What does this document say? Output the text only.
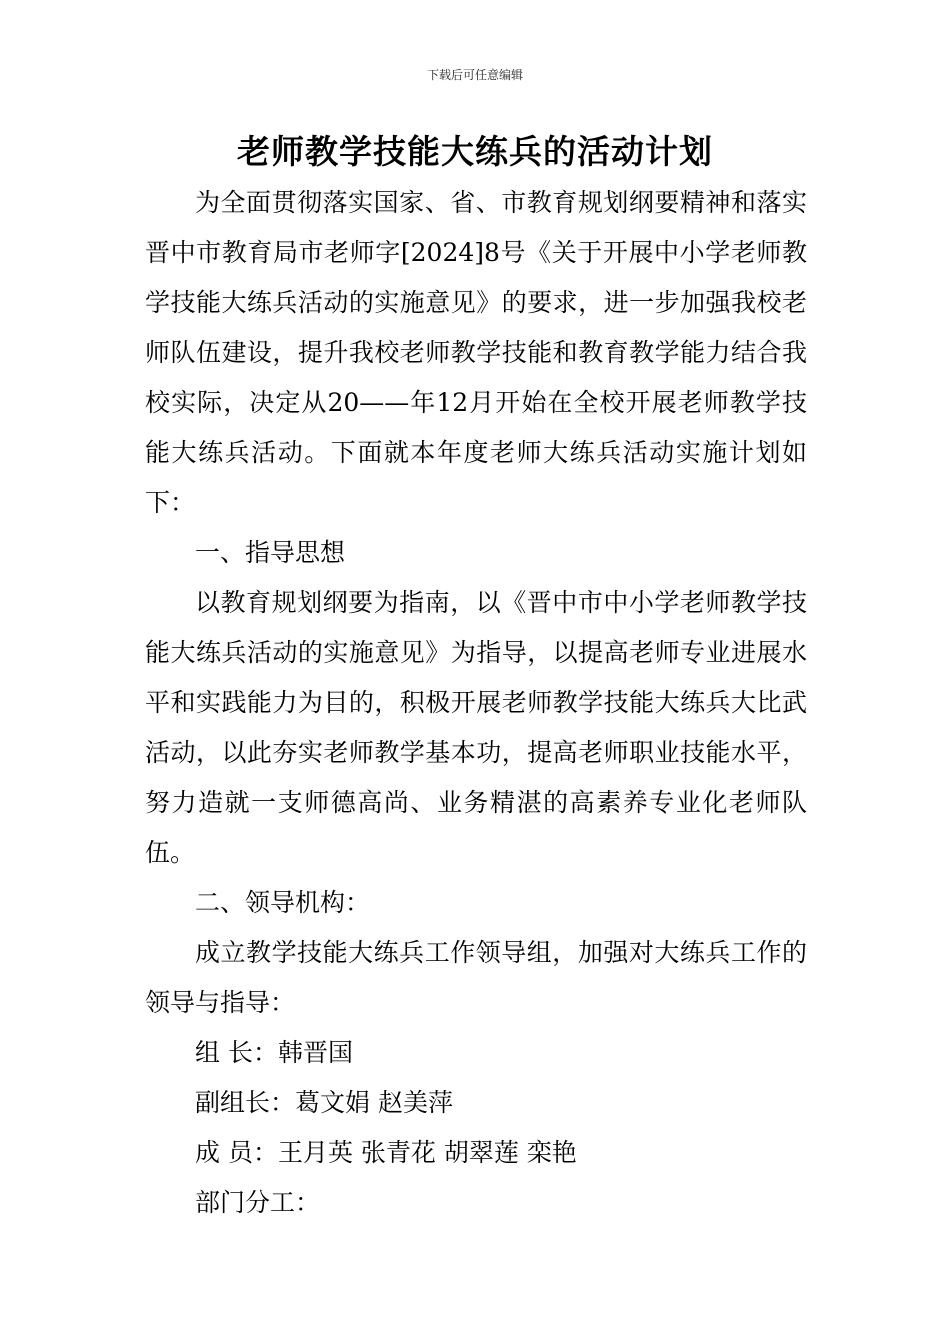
下载后可任意编辑
老师教学技能大练兵的活动计划

为全面贯彻落实国家、省、市教育规划纲要精神和落实晋中市教育局市老师字[2024]8号《关于开展中小学老师教学技能大练兵活动的实施意见》的要求，进一步加强我校老师队伍建设，提升我校老师教学技能和教育教学能力结合我校实际，决定从20——年12月开始在全校开展老师教学技能大练兵活动。下面就本年度老师大练兵活动实施计划如下：

一、指导思想

以教育规划纲要为指南，以《晋中市中小学老师教学技能大练兵活动的实施意见》为指导，以提高老师专业进展水平和实践能力为目的，积极开展老师教学技能大练兵大比武活动，以此夯实老师教学基本功，提高老师职业技能水平，努力造就一支师德高尚、业务精湛的高素养专业化老师队伍。

二、领导机构：

成立教学技能大练兵工作领导组，加强对大练兵工作的领导与指导：

组 长：韩晋国

副组长：葛文娟 赵美萍

成 员：王月英 张青花 胡翠莲 栾艳

部门分工：
